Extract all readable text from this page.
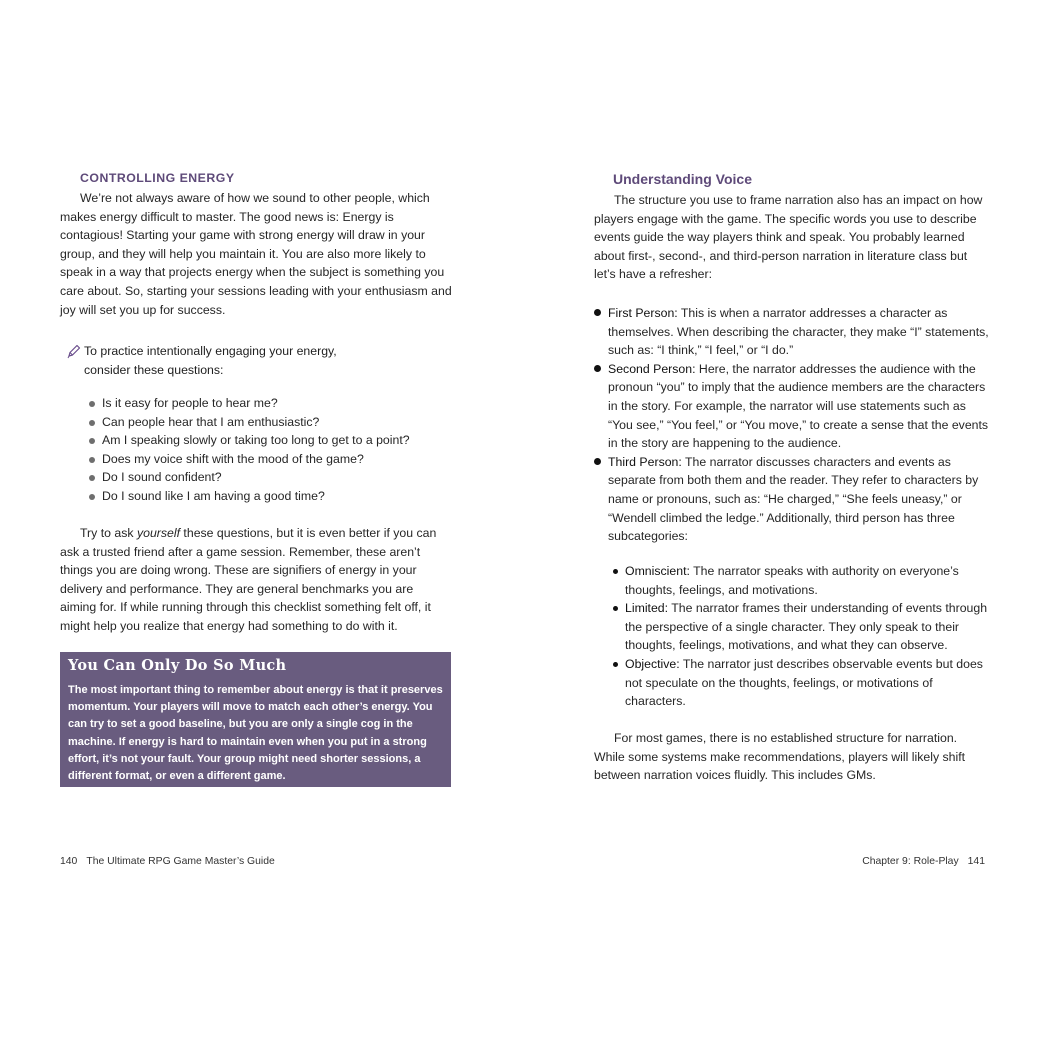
CONTROLLING ENERGY

We’re not always aware of how we sound to other people, which makes energy difficult to master. The good news is: Energy is contagious! Starting your game with strong energy will draw in your group, and they will help you maintain it. You are also more likely to speak in a way that projects energy when the subject is something you care about. So, starting your sessions leading with your enthusiasm and joy will set you up for success.

To practice intentionally engaging your energy,
consider these questions:
Is it easy for people to hear me?
Can people hear that I am enthusiastic?
Am I speaking slowly or taking too long to get to a point?
Does my voice shift with the mood of the game?
Do I sound confident?
Do I sound like I am having a good time?

Try to ask yourself these questions, but it is even better if you can ask a trusted friend after a game session. Remember, these aren’t things you are doing wrong. These are signifiers of energy in your delivery and performance. They are general benchmarks you are aiming for. If while running through this checklist something felt off, it might help you realize that energy had something to do with it.

You Can Only Do So Much
The most important thing to remember about energy is that it preserves momentum. Your players will move to match each other’s energy. You can try to set a good baseline, but you are only a single cog in the machine. If energy is hard to maintain even when you put in a strong effort, it’s not your fault. Your group might need shorter sessions, a different format, or even a different game.
140 The Ultimate RPG Game Master’s Guide
Understanding Voice

The structure you use to frame narration also has an impact on how players engage with the game. The specific words you use to describe events guide the way players think and speak. You probably learned about first-, second-, and third-person narration in literature class but let’s have a refresher:

First Person: This is when a narrator addresses a character as themselves. When describing the character, they make “I” statements, such as: “I think,” “I feel,” or “I do.”
Second Person: Here, the narrator addresses the audience with the pronoun “you” to imply that the audience members are the characters in the story. For example, the narrator will use statements such as “You see,” “You feel,” or “You move,” to create a sense that the events in the story are happening to the audience.
Third Person: The narrator discusses characters and events as separate from both them and the reader. They refer to characters by name or pronouns, such as: “He charged,” “She feels uneasy,” or “Wendell climbed the ledge.” Additionally, third person has three subcategories:
Omniscient: The narrator speaks with authority on everyone’s thoughts, feelings, and motivations.
Limited: The narrator frames their understanding of events through the perspective of a single character. They only speak to their thoughts, feelings, motivations, and what they can observe.
Objective: The narrator just describes observable events but does not speculate on the thoughts, feelings, or motivations of characters.

For most games, there is no established structure for narration. While some systems make recommendations, players will likely shift between narration voices fluidly. This includes GMs.

Chapter 9: Role-Play 141
